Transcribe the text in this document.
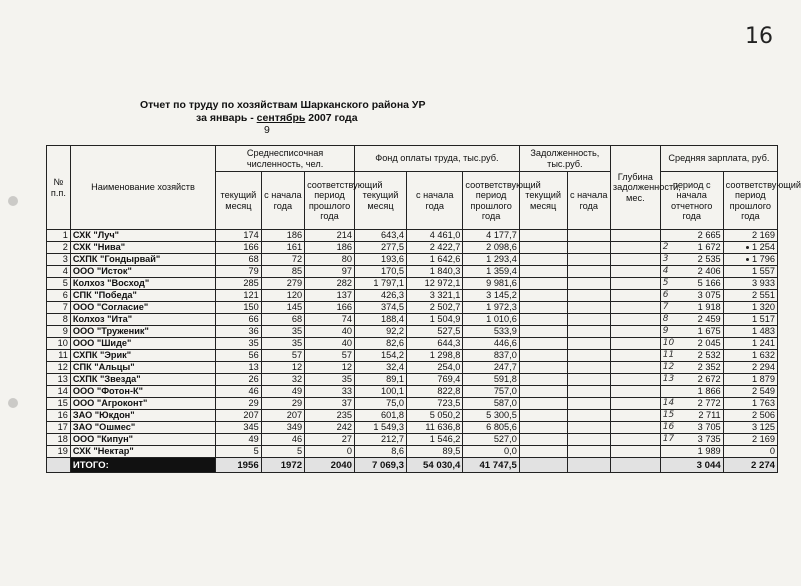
16
Отчет по труду по хозяйствам Шарканского района УР
за январь - сентябрь 2007 года
9
№ п.п.	Наименование хозяйств	Среднесписочная численность, чел.			Фонд оплаты труда, тыс.руб.			Задолженность, тыс.руб.		Глубина задолженности, мес.	Средняя зарплата, руб.	
		текущий месяц	с начала года	соответствующий период прошлого года	текущий месяц	с начала года	соответствующий период прошлого года	текущий месяц	с начала года		период с начала отчетного года	соответствующий период прошлого года
1	СХК "Луч"	174	186	214	643,4	4 461,0	4 177,7				2 665	2 169
2	СХК "Нива"	166	161	186	277,5	2 422,7	2 098,6				2 1 672	1 254
3	СХПК "Гондырвай"	68	72	80	193,6	1 642,6	1 293,4				3 2 535	1 796
4	ООО "Исток"	79	85	97	170,5	1 840,3	1 359,4				4 2 406	1 557
5	Колхоз "Восход"	285	279	282	1 797,1	12 972,1	9 981,6				5 5 166	3 933
6	СПК "Победа"	121	120	137	426,3	3 321,1	3 145,2				6 3 075	2 551
7	ООО "Согласие"	150	145	166	374,5	2 502,7	1 972,3				7 1 918	1 320
8	Колхоз "Ита"	66	68	74	188,4	1 504,9	1 010,6				8 2 459	1 517
9	ООО "Труженик"	36	35	40	92,2	527,5	533,9				9 1 675	1 483
10	ООО "Шиде"	35	35	40	82,6	644,3	446,6				10 2 045	1 241
11	СХПК "Эрик"	56	57	57	154,2	1 298,8	837,0				11 2 532	1 632
12	СПК "Альцы"	13	12	12	32,4	254,0	247,7				12 2 352	2 294
13	СХПК "Звезда"	26	32	35	89,1	769,4	591,8				13 2 672	1 879
14	ООО "Фотон-К"	46	49	33	100,1	822,8	757,0				1 866	2 549
15	ООО "Агроконт"	29	29	37	75,0	723,5	587,0				14 2 772	1 763
16	ЗАО "Юкдон"	207	207	235	601,8	5 050,2	5 300,5				15 2 711	2 506
17	ЗАО "Ошмес"	345	349	242	1 549,3	11 636,8	6 805,6				16 3 705	3 125
18	ООО "Кипун"	49	46	27	212,7	1 546,2	527,0				17 3 735	2 169
19	СХК "Нектар"	5	5	0	8,6	89,5	0,0				1 989	0
	ИТОГО:	1956	1972	2040	7 069,3	54 030,4	41 747,5				3 044	2 274
